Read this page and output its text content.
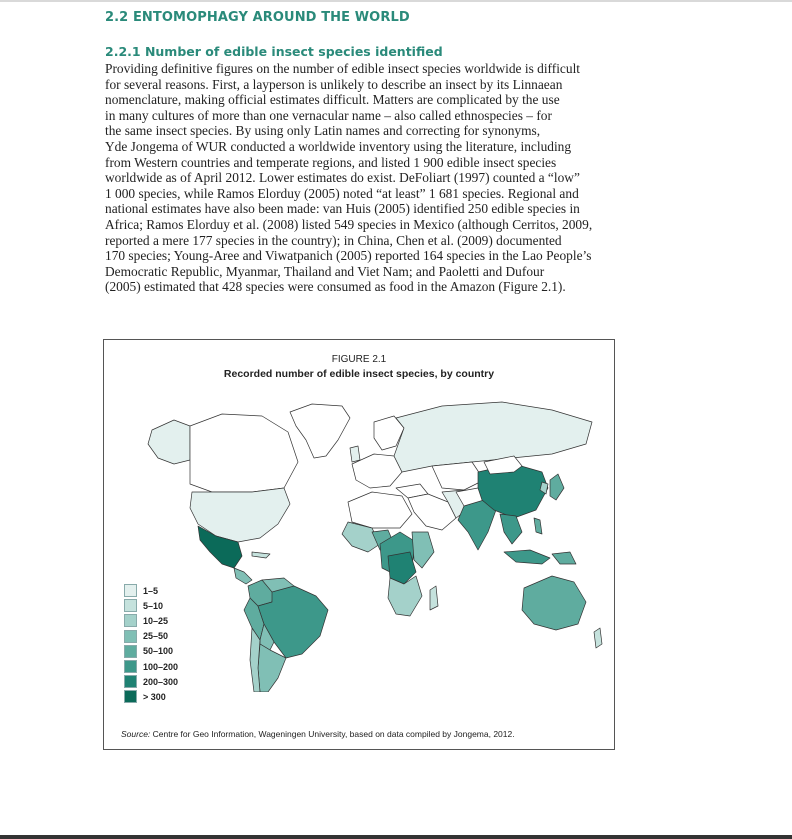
2.2 ENTOMOPHAGY AROUND THE WORLD
2.2.1 Number of edible insect species identified

Providing definitive figures on the number of edible insect species worldwide is difficult

for several reasons. First, a layperson is unlikely to describe an insect by its Linnaean

nomenclature, making official estimates difficult. Matters are complicated by the use

in many cultures of more than one vernacular name – also called ethnospecies – for

the same insect species. By using only Latin names and correcting for synonyms,

Yde Jongema of WUR conducted a worldwide inventory using the literature, including

from Western countries and temperate regions, and listed 1 900 edible insect species

worldwide as of April 2012. Lower estimates do exist. DeFoliart (1997) counted a “low”

1 000 species, while Ramos Elorduy (2005) noted “at least” 1 681 species. Regional and

national estimates have also been made: van Huis (2005) identified 250 edible species in

Africa; Ramos Elorduy et al. (2008) listed 549 species in Mexico (although Cerritos, 2009,

reported a mere 177 species in the country); in China, Chen et al. (2009) documented

170 species; Young-Aree and Viwatpanich (2005) reported 164 species in the Lao People’s

Democratic Republic, Myanmar, Thailand and Viet Nam; and Paoletti and Dufour

(2005) estimated that 428 species were consumed as food in the Amazon (Figure 2.1).

FIGURE 2.1
Recorded number of edible insect species, by country
1–5
5–10
10–25
25–50
50–100
100–200
200–300
> 300
Source: Centre for Geo Information, Wageningen University, based on data compiled by Jongema, 2012.
